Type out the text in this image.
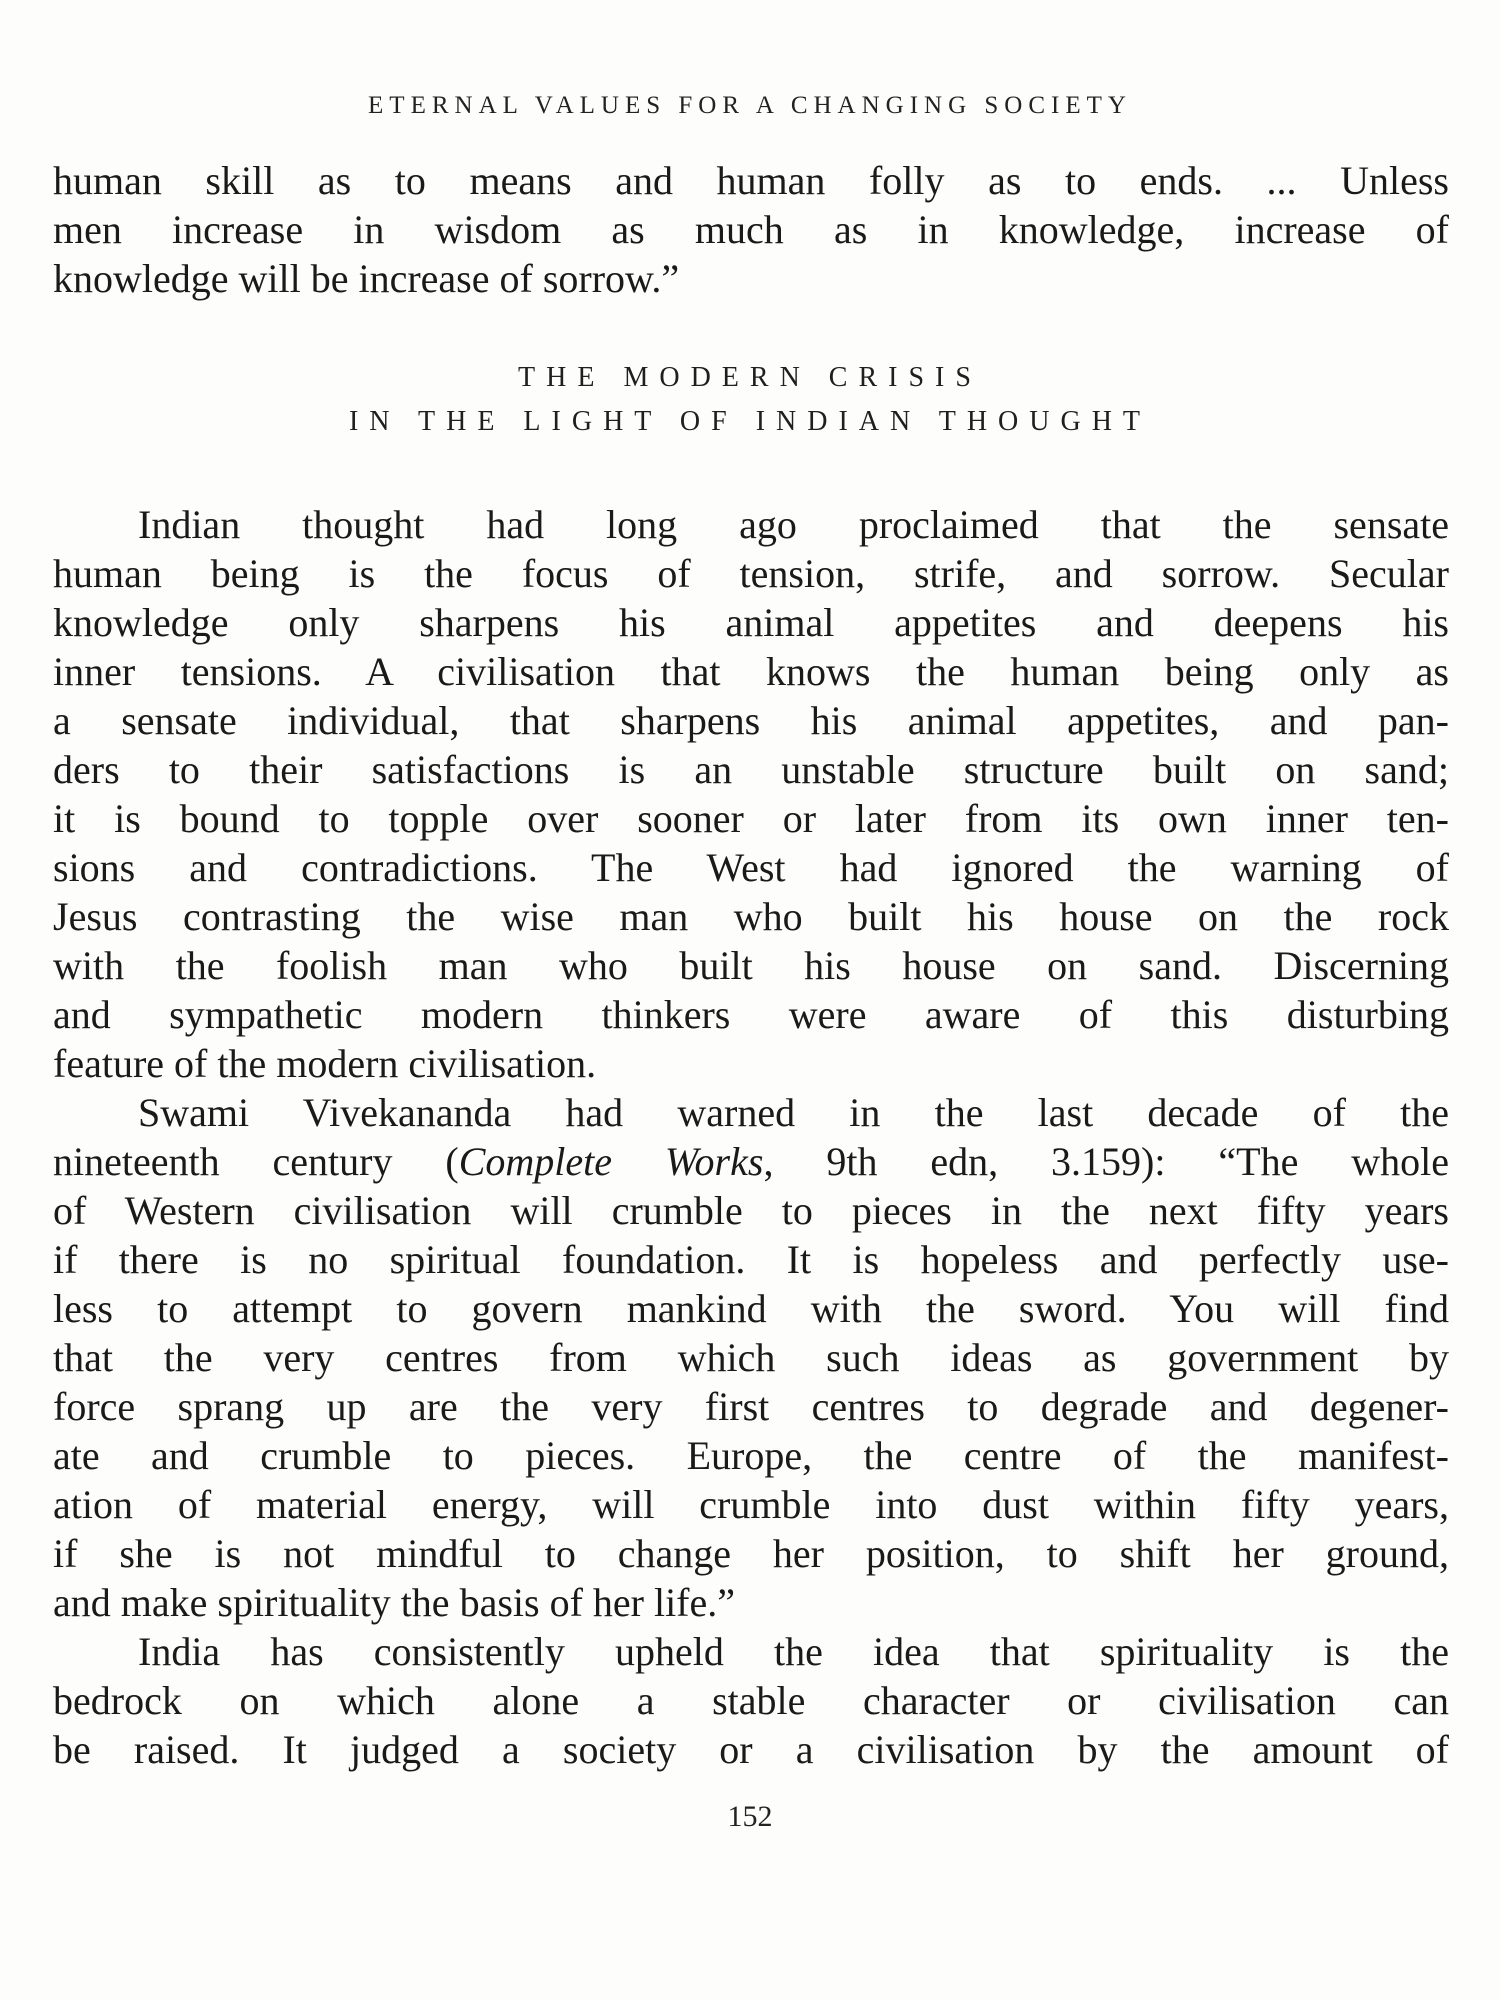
ETERNAL VALUES FOR A CHANGING SOCIETY
human skill as to means and human folly as to ends. ... Unless
men increase in wisdom as much as in knowledge, increase of
knowledge will be increase of sorrow.”
THE MODERN CRISIS
IN THE LIGHT OF INDIAN THOUGHT
Indian thought had long ago proclaimed that the sensate
human being is the focus of tension, strife, and sorrow. Secular
knowledge only sharpens his animal appetites and deepens his
inner tensions. A civilisation that knows the human being only as
a sensate individual, that sharpens his animal appetites, and pan-
ders to their satisfactions is an unstable structure built on sand;
it is bound to topple over sooner or later from its own inner ten-
sions and contradictions. The West had ignored the warning of
Jesus contrasting the wise man who built his house on the rock
with the foolish man who built his house on sand. Discerning
and sympathetic modern thinkers were aware of this disturbing
feature of the modern civilisation.
Swami Vivekananda had warned in the last decade of the
nineteenth century (Complete Works, 9th edn, 3.159): “The whole
of Western civilisation will crumble to pieces in the next fifty years
if there is no spiritual foundation. It is hopeless and perfectly use-
less to attempt to govern mankind with the sword. You will find
that the very centres from which such ideas as government by
force sprang up are the very first centres to degrade and degener-
ate and crumble to pieces. Europe, the centre of the manifest-
ation of material energy, will crumble into dust within fifty years,
if she is not mindful to change her position, to shift her ground,
and make spirituality the basis of her life.”
India has consistently upheld the idea that spirituality is the
bedrock on which alone a stable character or civilisation can
be raised. It judged a society or a civilisation by the amount of
152
